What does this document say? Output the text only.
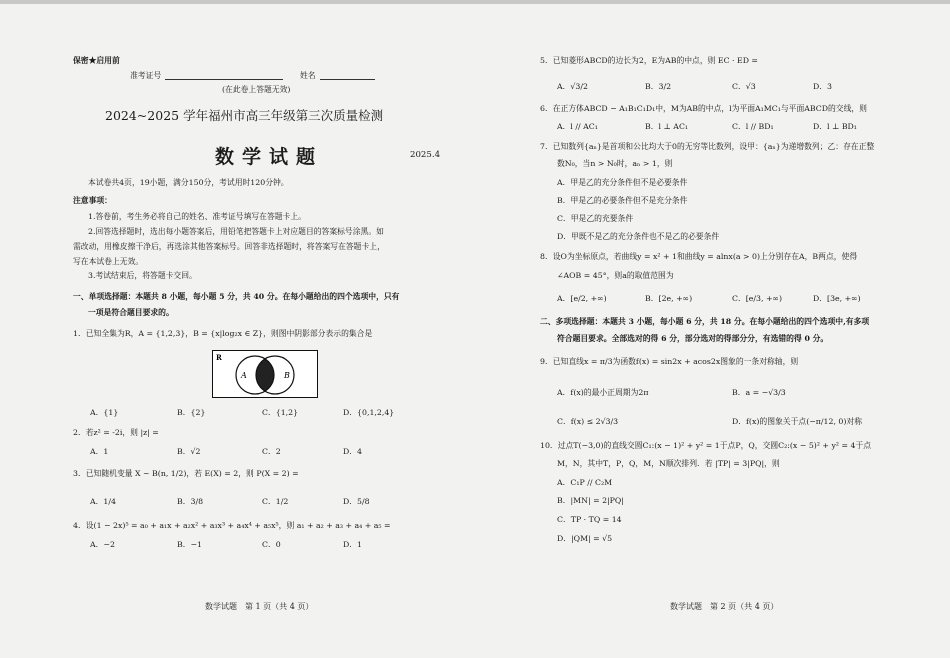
保密★启用前
准考证号	姓名
(在此卷上答题无效)
2024~2025 学年福州市高三年级第三次质量检测
数学试题	2025.4
本试卷共4页，19小题，满分150分，考试用时120分钟。
注意事项：
1.答卷前，考生务必将自己的姓名、准考证号填写在答题卡上。
2.回答选择题时，选出每小题答案后，用铅笔把答题卡上对应题目的答案标号涂黑。如
需改动，用橡皮擦干净后，再选涂其他答案标号。回答非选择题时，将答案写在答题卡上，
写在本试卷上无效。
3.考试结束后，将答题卡交回。
一、单项选择题：本题共 8 小题，每小题 5 分，共 40 分。在每小题给出的四个选项中，只有
一项是符合题目要求的。
1．已知全集为R，A = {1,2,3}，B = {x|log₂x ∈ Z}，则图中阴影部分表示的集合是
R
A	B
A．{1}	B．{2}	C．{1,2}	D．{0,1,2,4}
2．若z² = -2i，则 |z| =
A．1	B．√2	C．2	D．4
3．已知随机变量 X ~ B(n, 1/2)，若 E(X) = 2，则 P(X = 2) =
A．1/4	B．3/8	C．1/2	D．5/8
4．设(1 − 2x)⁵ = a₀ + a₁x + a₂x² + a₃x³ + a₄x⁴ + a₅x⁵，则 a₁ + a₂ + a₃ + a₄ + a₅ =
A．−2	B．−1	C．0	D．1
数学试题　第 1 页（共 4 页）
5．已知菱形ABCD的边长为2，E为AB的中点，则 EC · ED =
A．√3/2	B．3/2	C．√3	D．3
6．在正方体ABCD − A₁B₁C₁D₁中，M为AB的中点，l为平面A₁MC₁与平面ABCD的交线，则
A．l // AC₁	B．l ⊥ AC₁	C．l // BD₁	D．l ⊥ BD₁
7．已知数列{aₙ}是首项和公比均大于0的无穷等比数列，设甲：{aₙ}为递增数列；乙：存在正整
数N₀，当n > N₀时，aₙ > 1，则
A．甲是乙的充分条件但不是必要条件
B．甲是乙的必要条件但不是充分条件
C．甲是乙的充要条件
D．甲既不是乙的充分条件也不是乙的必要条件
8．设O为坐标原点，若曲线y = x² + 1和曲线y = alnx(a > 0)上分别存在A，B两点，使得
∠AOB = 45°，则a的取值范围为
A．[e/2, +∞)	B．[2e, +∞)	C．[e/3, +∞)	D．[3e, +∞)
二、多项选择题：本题共 3 小题，每小题 6 分，共 18 分。在每小题给出的四个选项中,有多项
符合题目要求。全部选对的得 6 分，部分选对的得部分分，有选错的得 0 分。
9．已知直线x = π/3为函数f(x) = sin2x + acos2x图象的一条对称轴，则
A．f(x)的最小正周期为2π	B．a = −√3/3
C．f(x) ≤ 2√3/3	D．f(x)的图象关于点(−π/12, 0)对称
10．过点T(−3,0)的直线交圆C₁:(x − 1)² + y² = 1于点P，Q，交圆C₂:(x − 5)² + y² = 4于点
M，N，其中T，P，Q，M，N顺次排列．若 |TP| = 3|PQ|，则
A．C₁P // C₂M
B．|MN| = 2|PQ|
C．TP · TQ = 14
D．|QM| = √5
数学试题　第 2 页（共 4 页）
